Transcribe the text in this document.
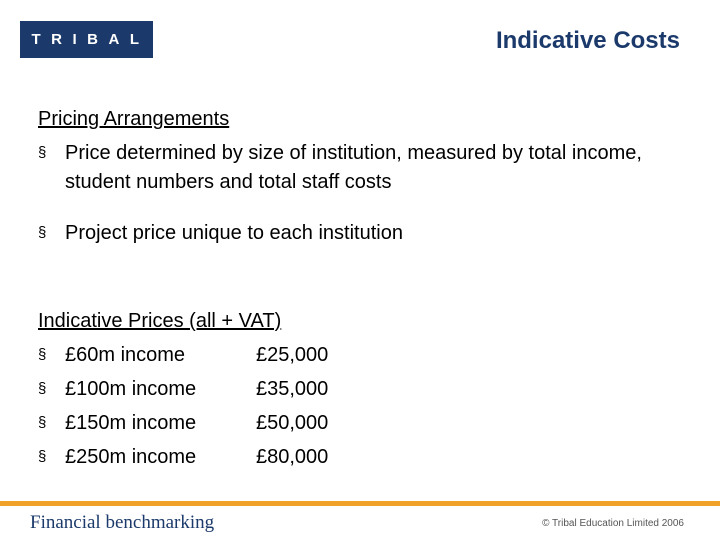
TRIBAL	Indicative Costs
Pricing Arrangements
§ Price determined by size of institution, measured by total income, student numbers and total staff costs
§ Project price unique to each institution
Indicative Prices (all + VAT)
§ £60m income	£25,000
§ £100m income	£35,000
§ £150m income	£50,000
§ £250m income	£80,000
Financial benchmarking	© Tribal Education Limited 2006
